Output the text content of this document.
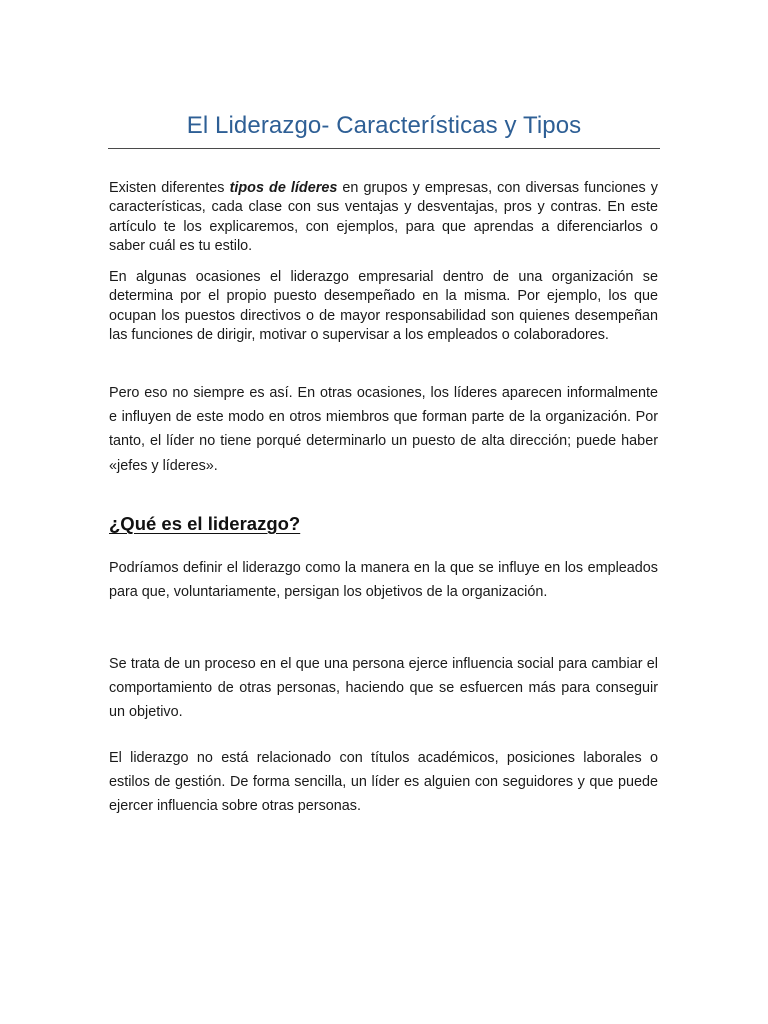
El Liderazgo- Características y Tipos

Existen diferentes tipos de líderes en grupos y empresas, con diversas funciones y características, cada clase con sus ventajas y desventajas, pros y contras. En este artículo te los explicaremos, con ejemplos, para que aprendas a diferenciarlos o saber cuál es tu estilo.

En algunas ocasiones el liderazgo empresarial dentro de una organización se determina por el propio puesto desempeñado en la misma. Por ejemplo, los que ocupan los puestos directivos o de mayor responsabilidad son quienes desempeñan las funciones de dirigir, motivar o supervisar a los empleados o colaboradores.

Pero eso no siempre es así. En otras ocasiones, los líderes aparecen informalmente e influyen de este modo en otros miembros que forman parte de la organización. Por tanto, el líder no tiene porqué determinarlo un puesto de alta dirección; puede haber «jefes y líderes».

¿Qué es el liderazgo?

Podríamos definir el liderazgo como la manera en la que se influye en los empleados para que, voluntariamente, persigan los objetivos de la organización.

Se trata de un proceso en el que una persona ejerce influencia social para cambiar el comportamiento de otras personas, haciendo que se esfuercen más para conseguir un objetivo.

El liderazgo no está relacionado con títulos académicos, posiciones laborales o estilos de gestión. De forma sencilla, un líder es alguien con seguidores y que puede ejercer influencia sobre otras personas.
